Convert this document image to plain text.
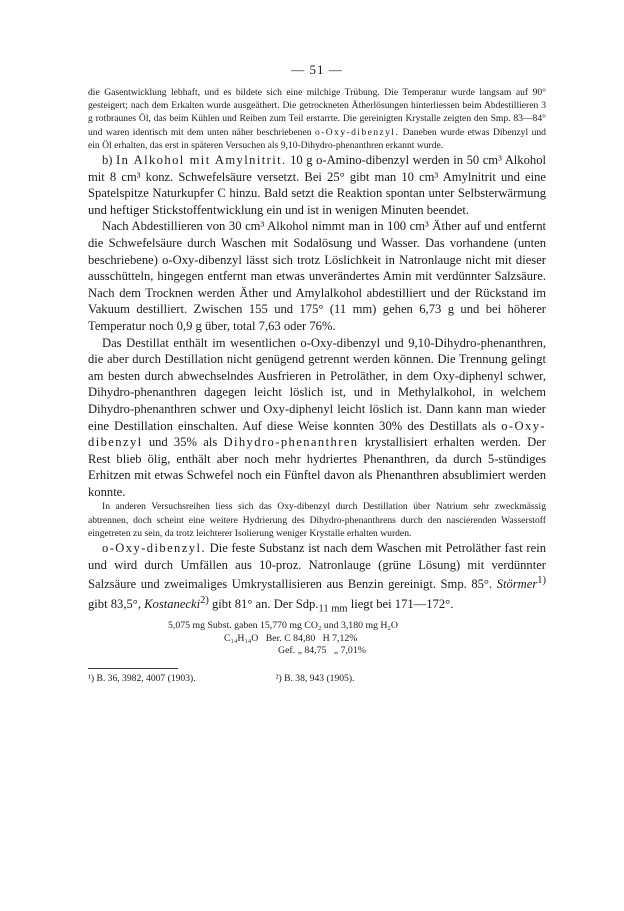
— 51 —

die Gasentwicklung lebhaft, und es bildete sich eine milchige Trübung. Die Temperatur wurde langsam auf 90° gesteigert; nach dem Erkalten wurde ausgeäthert. Die getrockneten Ätherlösungen hinterliessen beim Abdestillieren 3 g rotbraunes Öl, das beim Kühlen und Reiben zum Teil erstarrte. Die gereinigten Krystalle zeigten den Smp. 83—84° und waren identisch mit dem unten näher beschriebenen o-Oxy-dibenzyl. Daneben wurde etwas Dibenzyl und ein Öl erhalten, das erst in späteren Versuchen als 9,10-Dihydro-phenanthren erkannt wurde.

b) In Alkohol mit Amylnitrit. 10 g o-Amino-dibenzyl werden in 50 cm³ Alkohol mit 8 cm³ konz. Schwefelsäure versetzt. Bei 25° gibt man 10 cm³ Amylnitrit und eine Spatelspitze Naturkupfer C hinzu. Bald setzt die Reaktion spontan unter Selbsterwärmung und heftiger Stickstoffentwicklung ein und ist in wenigen Minuten beendet.

Nach Abdestillieren von 30 cm³ Alkohol nimmt man in 100 cm³ Äther auf und entfernt die Schwefelsäure durch Waschen mit Sodalösung und Wasser. Das vorhandene (unten beschriebene) o-Oxy-dibenzyl lässt sich trotz Löslichkeit in Natronlauge nicht mit dieser ausschütteln, hingegen entfernt man etwas unverändertes Amin mit verdünnter Salzsäure. Nach dem Trocknen werden Äther und Amylalkohol abdestilliert und der Rückstand im Vakuum destilliert. Zwischen 155 und 175° (11 mm) gehen 6,73 g und bei höherer Temperatur noch 0,9 g über, total 7,63 oder 76%.

Das Destillat enthält im wesentlichen o-Oxy-dibenzyl und 9,10-Dihydro-phenanthren, die aber durch Destillation nicht genügend getrennt werden können. Die Trennung gelingt am besten durch abwechselndes Ausfrieren in Petroläther, in dem Oxy-diphenyl schwer, Dihydro-phenanthren dagegen leicht löslich ist, und in Methylalkohol, in welchem Dihydro-phenanthren schwer und Oxy-diphenyl leicht löslich ist. Dann kann man wieder eine Destillation einschalten. Auf diese Weise konnten 30% des Destillats als o-Oxy-dibenzyl und 35% als Dihydro-phenanthren krystallisiert erhalten werden. Der Rest blieb ölig, enthält aber noch mehr hydriertes Phenanthren, da durch 5-stündiges Erhitzen mit etwas Schwefel noch ein Fünftel davon als Phenanthren absublimiert werden konnte.

In anderen Versuchsreihen liess sich das Oxy-dibenzyl durch Destillation über Natrium sehr zweckmässig abtrennen, doch scheint eine weitere Hydrierung des Dihydro-phenanthrens durch den nascierenden Wasserstoff eingetreten zu sein, da trotz leichterer Isolierung weniger Krystalle erhalten wurden.

o-Oxy-dibenzyl. Die feste Substanz ist nach dem Waschen mit Petroläther fast rein und wird durch Umfällen aus 10-proz. Natronlauge (grüne Lösung) mit verdünnter Salzsäure und zweimaliges Umkrystallisieren aus Benzin gereinigt. Smp. 85°. Störmer$^{1)}$ gibt 83,5°, Kostanecki$^{2)}$ gibt 81° an. Der $Sdp._{11 mm}$ liegt bei 171—172°.

5,075 mg Subst. gaben 15,770 mg CO₂ und 3,180 mg H₂O
C₁₄H₁₄O   Ber. C 84,80   H 7,12%
Gef. „ 84,75   „ 7,01%
¹) B. 36, 3982, 4007 (1903).	²) B. 38, 943 (1905).
